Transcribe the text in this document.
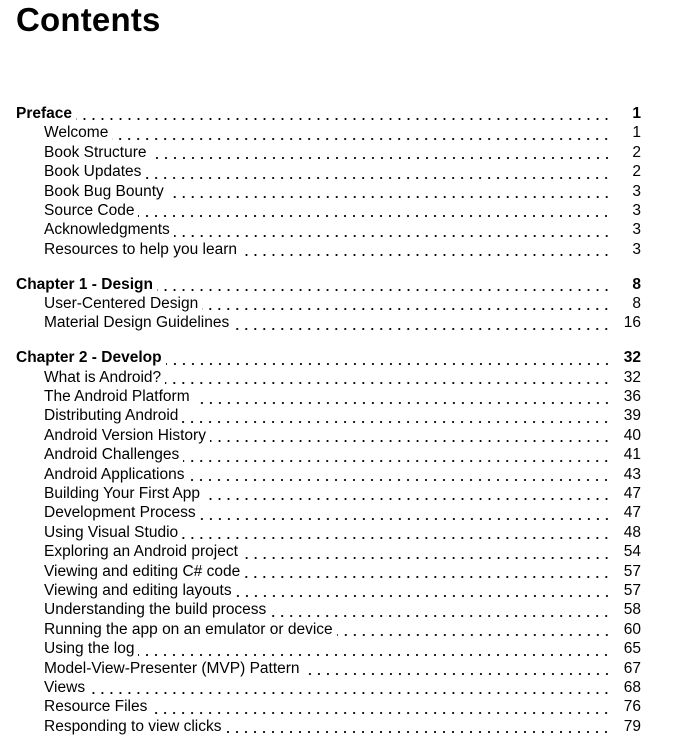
Contents
Preface	1
Welcome	1
Book Structure	2
Book Updates	2
Book Bug Bounty	3
Source Code	3
Acknowledgments	3
Resources to help you learn	3
Chapter 1 - Design	8
User-Centered Design	8
Material Design Guidelines	16
Chapter 2 - Develop	32
What is Android?	32
The Android Platform	36
Distributing Android	39
Android Version History	40
Android Challenges	41
Android Applications	43
Building Your First App	47
Development Process	47
Using Visual Studio	48
Exploring an Android project	54
Viewing and editing C# code	57
Viewing and editing layouts	57
Understanding the build process	58
Running the app on an emulator or device	60
Using the log	65
Model-View-Presenter (MVP) Pattern	67
Views	68
Resource Files	76
Responding to view clicks	79
